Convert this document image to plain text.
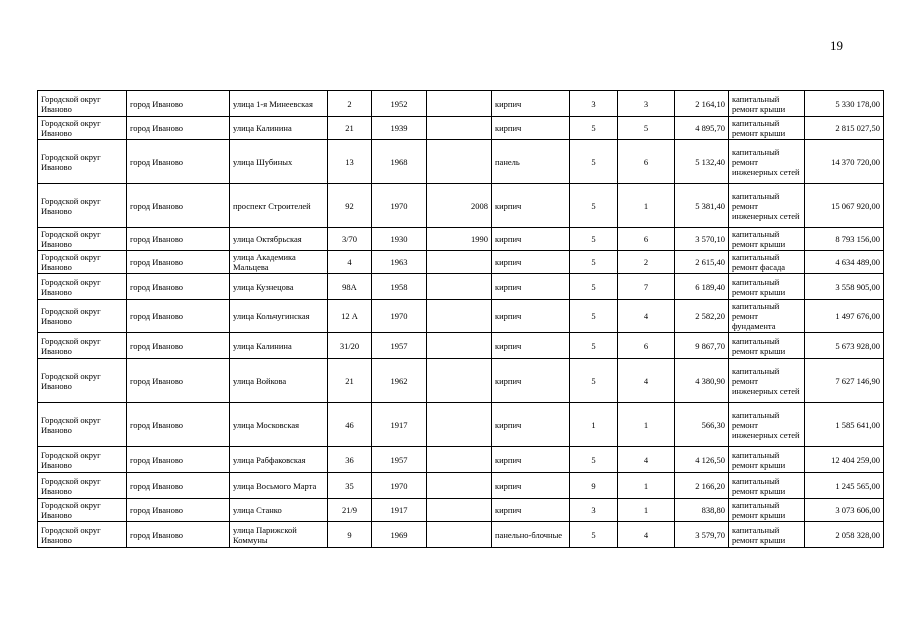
19
Городской округ Иваново	город Иваново	улица 1-я Минеевская	2	1952		кирпич	3	3	2 164,10	капитальный ремонт крыши	5 330 178,00
Городской округ Иваново	город Иваново	улица Калинина	21	1939		кирпич	5	5	4 895,70	капитальный ремонт крыши	2 815 027,50
Городской округ Иваново	город Иваново	улица Шубиных	13	1968		панель	5	6	5 132,40	капитальный ремонт инженерных сетей	14 370 720,00
Городской округ Иваново	город Иваново	проспект Строителей	92	1970	2008	кирпич	5	1	5 381,40	капитальный ремонт инженерных сетей	15 067 920,00
Городской округ Иваново	город Иваново	улица Октябрьская	3/70	1930	1990	кирпич	5	6	3 570,10	капитальный ремонт крыши	8 793 156,00
Городской округ Иваново	город Иваново	улица Академика Мальцева	4	1963		кирпич	5	2	2 615,40	капитальный ремонт фасада	4 634 489,00
Городской округ Иваново	город Иваново	улица Кузнецова	98А	1958		кирпич	5	7	6 189,40	капитальный ремонт крыши	3 558 905,00
Городской округ Иваново	город Иваново	улица Кольчугинская	12 А	1970		кирпич	5	4	2 582,20	капитальный ремонт фундамента	1 497 676,00
Городской округ Иваново	город Иваново	улица Калинина	31/20	1957		кирпич	5	6	9 867,70	капитальный ремонт крыши	5 673 928,00
Городской округ Иваново	город Иваново	улица Войкова	21	1962		кирпич	5	4	4 380,90	капитальный ремонт инженерных сетей	7 627 146,90
Городской округ Иваново	город Иваново	улица Московская	46	1917		кирпич	1	1	566,30	капитальный ремонт инженерных сетей	1 585 641,00
Городской округ Иваново	город Иваново	улица Рабфаковская	36	1957		кирпич	5	4	4 126,50	капитальный ремонт крыши	12 404 259,00
Городской округ Иваново	город Иваново	улица Восьмого Марта	35	1970		кирпич	9	1	2 166,20	капитальный ремонт крыши	1 245 565,00
Городской округ Иваново	город Иваново	улица Станко	21/9	1917		кирпич	3	1	838,80	капитальный ремонт крыши	3 073 606,00
Городской округ Иваново	город Иваново	улица Парижской Коммуны	9	1969		панельно-блочные	5	4	3 579,70	капитальный ремонт крыши	2 058 328,00
